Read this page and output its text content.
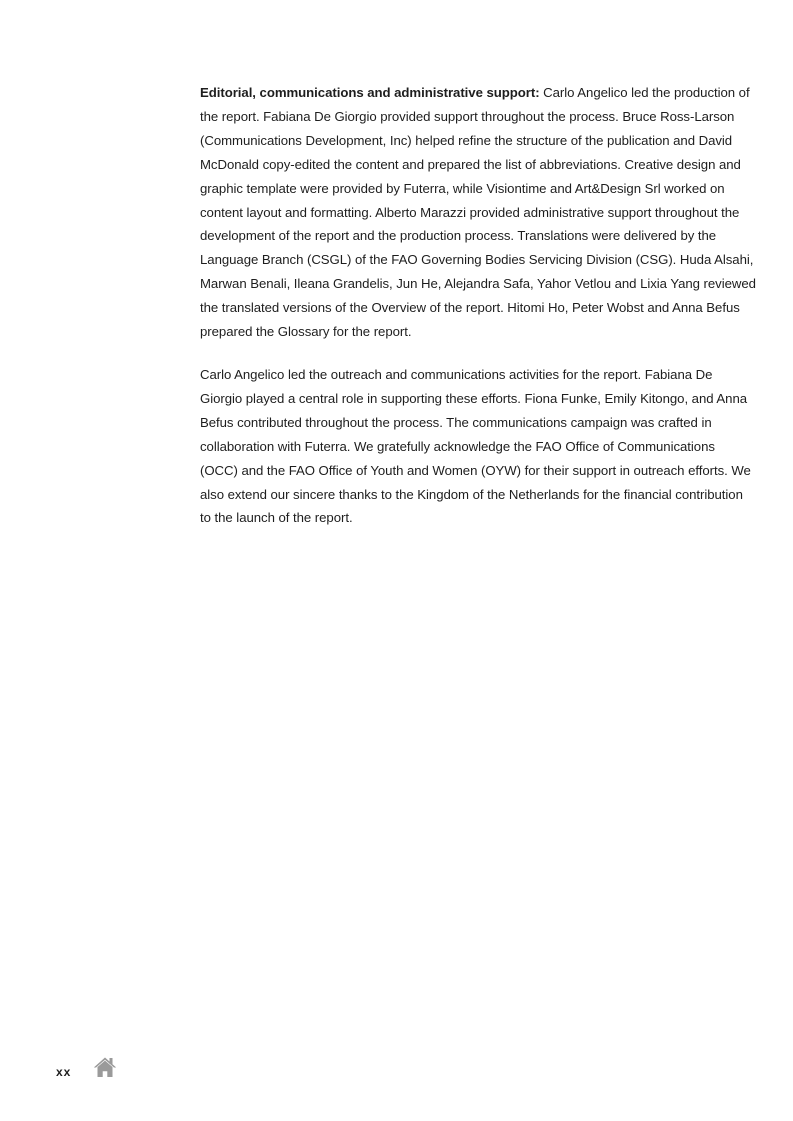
Editorial, communications and administrative support: Carlo Angelico led the production of the report. Fabiana De Giorgio provided support throughout the process. Bruce Ross-Larson (Communications Development, Inc) helped refine the structure of the publication and David McDonald copy-edited the content and prepared the list of abbreviations. Creative design and graphic template were provided by Futerra, while Visiontime and Art&Design Srl worked on content layout and formatting. Alberto Marazzi provided administrative support throughout the development of the report and the production process. Translations were delivered by the Language Branch (CSGL) of the FAO Governing Bodies Servicing Division (CSG). Huda Alsahi, Marwan Benali, Ileana Grandelis, Jun He, Alejandra Safa, Yahor Vetlou and Lixia Yang reviewed the translated versions of the Overview of the report. Hitomi Ho, Peter Wobst and Anna Befus prepared the Glossary for the report.

Carlo Angelico led the outreach and communications activities for the report. Fabiana De Giorgio played a central role in supporting these efforts. Fiona Funke, Emily Kitongo, and Anna Befus contributed throughout the process. The communications campaign was crafted in collaboration with Futerra. We gratefully acknowledge the FAO Office of Communications (OCC) and the FAO Office of Youth and Women (OYW) for their support in outreach efforts. We also extend our sincere thanks to the Kingdom of the Netherlands for the financial contribution to the launch of the report.

xx
